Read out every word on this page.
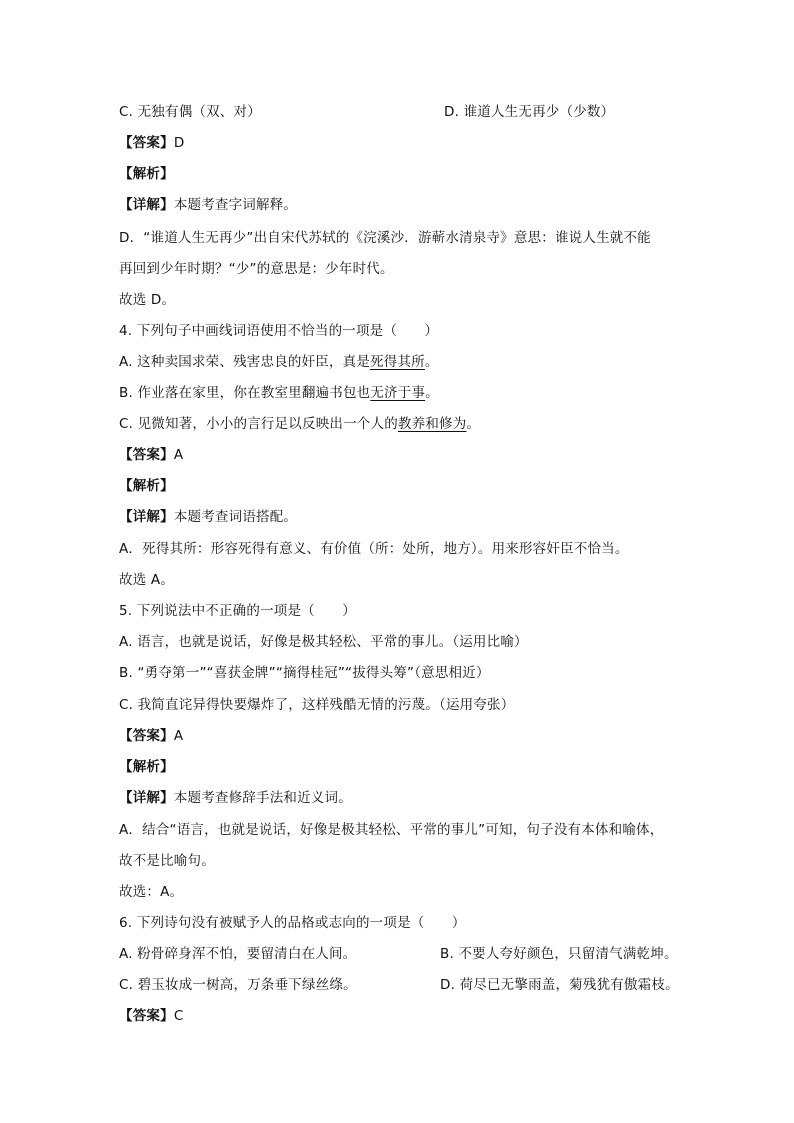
C. 无独有偶（双、对）	D. 谁道人生无再少（少数）
【答案】D
【解析】
【详解】本题考查字词解释。
D．“谁道人生无再少”出自宋代苏轼的《浣溪沙．游蕲水清泉寺》意思：谁说人生就不能
再回到少年时期？“少”的意思是：少年时代。
故选 D。
4. 下列句子中画线词语使用不恰当的一项是（　　）
A. 这种卖国求荣、残害忠良的奸臣，真是死得其所。
B. 作业落在家里，你在教室里翻遍书包也无济于事。
C. 见微知著，小小的言行足以反映出一个人的教养和修为。
【答案】A
【解析】
【详解】本题考查词语搭配。
A．死得其所：形容死得有意义、有价值（所：处所，地方）。用来形容奸臣不恰当。
故选 A。
5. 下列说法中不正确的一项是（　　）
A. 语言，也就是说话，好像是极其轻松、平常的事儿。（运用比喻）
B. “勇夺第一”“喜获金牌”“摘得桂冠”“拔得头筹”（意思相近）
C. 我简直诧异得快要爆炸了，这样残酷无情的污蔑。（运用夸张）
【答案】A
【解析】
【详解】本题考查修辞手法和近义词。
A．结合“语言，也就是说话，好像是极其轻松、平常的事儿”可知，句子没有本体和喻体，
故不是比喻句。
故选：A。
6. 下列诗句没有被赋予人的品格或志向的一项是（　　）
A. 粉骨碎身浑不怕，要留清白在人间。	B. 不要人夸好颜色，只留清气满乾坤。
C. 碧玉妆成一树高，万条垂下绿丝绦。	D. 荷尽已无擎雨盖，菊残犹有傲霜枝。
【答案】C
